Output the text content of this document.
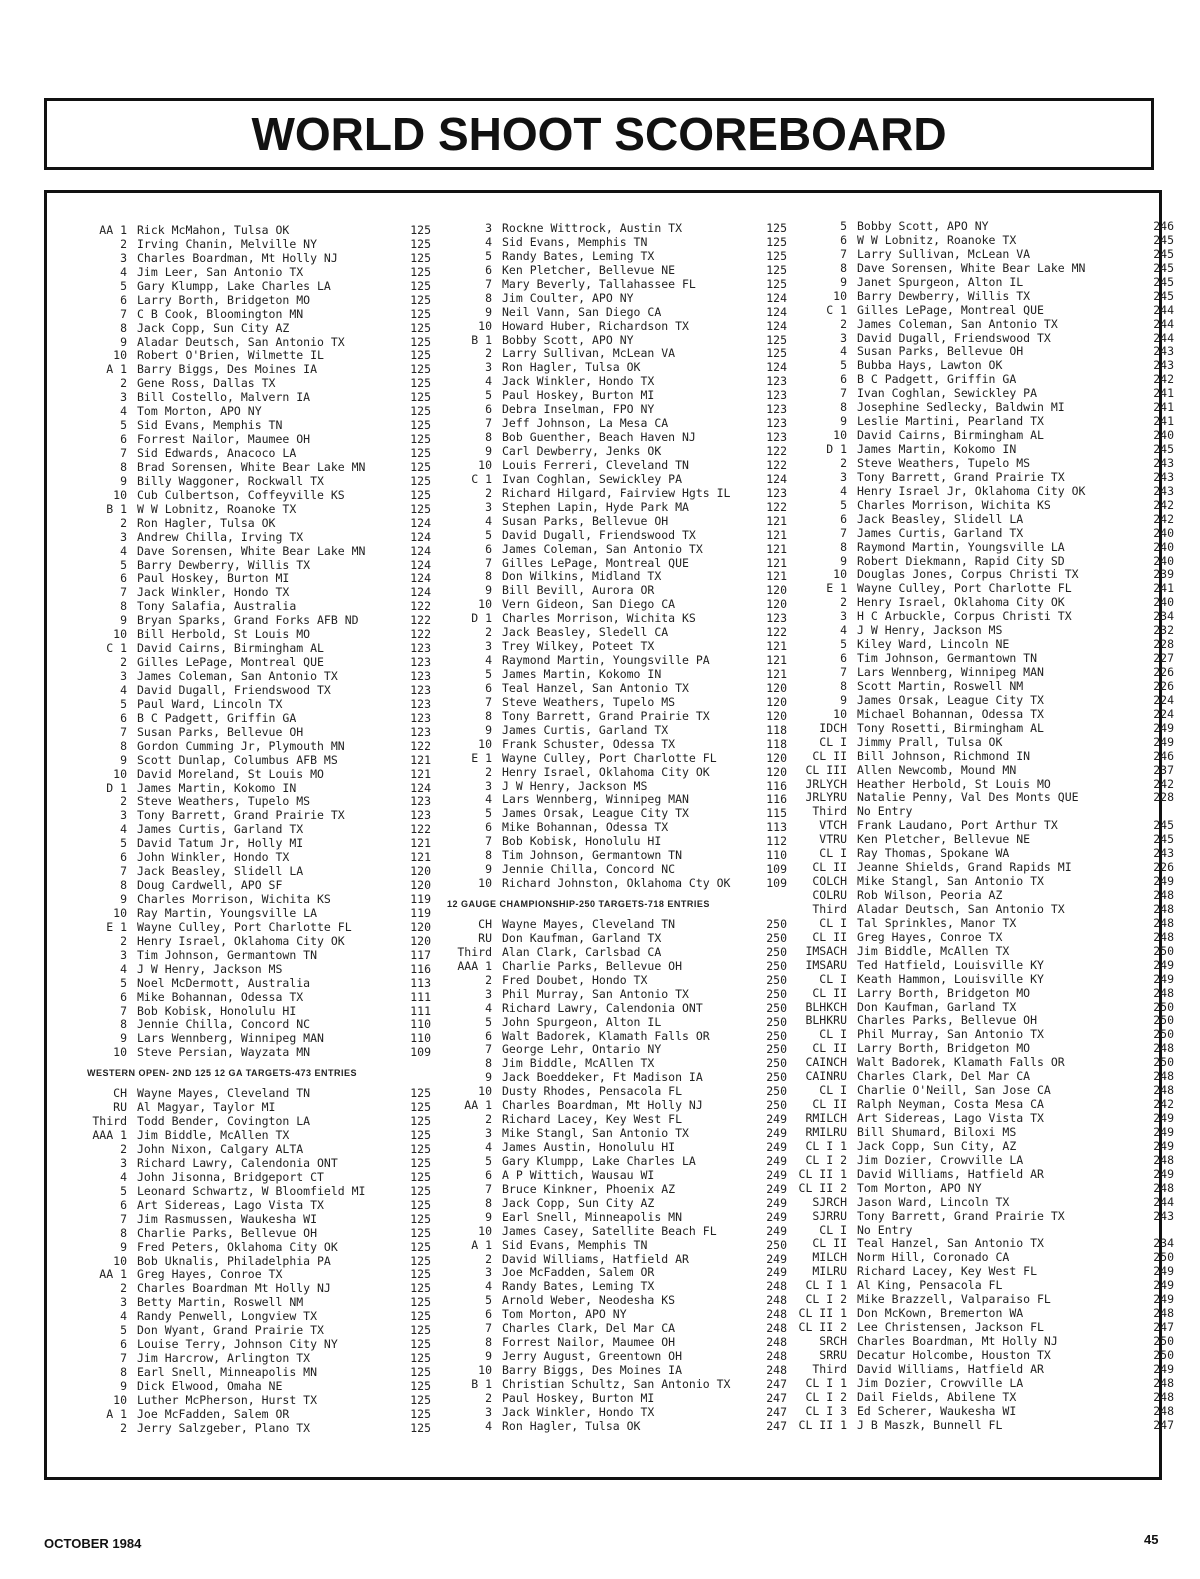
WORLD SHOOT SCOREBOARD
AA 1 Rick McMahon, Tulsa OK	125
2 Irving Chanin, Melville NY	125
3 Charles Boardman, Mt Holly NJ	125
4 Jim Leer, San Antonio TX	125
5 Gary Klumpp, Lake Charles LA	125
6 Larry Borth, Bridgeton MO	125
7 C B Cook, Bloomington MN	125
8 Jack Copp, Sun City AZ	125
9 Aladar Deutsch, San Antonio TX	125
10 Robert O'Brien, Wilmette IL	125
A 1 Barry Biggs, Des Moines IA	125
2 Gene Ross, Dallas TX	125
3 Bill Costello, Malvern IA	125
4 Tom Morton, APO NY	125
5 Sid Evans, Memphis TN	125
6 Forrest Nailor, Maumee OH	125
7 Sid Edwards, Anacoco LA	125
8 Brad Sorensen, White Bear Lake MN	125
9 Billy Waggoner, Rockwall TX	125
10 Cub Culbertson, Coffeyville KS	125
B 1 W W Lobnitz, Roanoke TX	125
2 Ron Hagler, Tulsa OK	124
3 Andrew Chilla, Irving TX	124
4 Dave Sorensen, White Bear Lake MN	124
5 Barry Dewberry, Willis TX	124
6 Paul Hoskey, Burton MI	124
7 Jack Winkler, Hondo TX	124
8 Tony Salafia, Australia	122
9 Bryan Sparks, Grand Forks AFB ND	122
10 Bill Herbold, St Louis MO	122
C 1 David Cairns, Birmingham AL	123
2 Gilles LePage, Montreal QUE	123
3 James Coleman, San Antonio TX	123
4 David Dugall, Friendswood TX	123
5 Paul Ward, Lincoln TX	123
6 B C Padgett, Griffin GA	123
7 Susan Parks, Bellevue OH	123
8 Gordon Cumming Jr, Plymouth MN	122
9 Scott Dunlap, Columbus AFB MS	121
10 David Moreland, St Louis MO	121
D 1 James Martin, Kokomo IN	124
2 Steve Weathers, Tupelo MS	123
3 Tony Barrett, Grand Prairie TX	123
4 James Curtis, Garland TX	122
5 David Tatum Jr, Holly MI	121
6 John Winkler, Hondo TX	121
7 Jack Beasley, Slidell LA	120
8 Doug Cardwell, APO SF	120
9 Charles Morrison, Wichita KS	119
10 Ray Martin, Youngsville LA	119
E 1 Wayne Culley, Port Charlotte FL	120
2 Henry Israel, Oklahoma City OK	120
3 Tim Johnson, Germantown TN	117
4 J W Henry, Jackson MS	116
5 Noel McDermott, Australia	113
6 Mike Bohannan, Odessa TX	111
7 Bob Kobisk, Honolulu HI	111
8 Jennie Chilla, Concord NC	110
9 Lars Wennberg, Winnipeg MAN	110
10 Steve Persian, Wayzata MN	109
WESTERN OPEN- 2ND 125 12 GA TARGETS-473 ENTRIES
CH Wayne Mayes, Cleveland TN	125
RU Al Magyar, Taylor MI	125
Third Todd Bender, Covington LA	125
AAA 1 Jim Biddle, McAllen TX	125
2 John Nixon, Calgary ALTA	125
3 Richard Lawry, Calendonia ONT	125
4 John Jisonna, Bridgeport CT	125
5 Leonard Schwartz, W Bloomfield MI	125
6 Art Sidereas, Lago Vista TX	125
7 Jim Rasmussen, Waukesha WI	125
8 Charlie Parks, Bellevue OH	125
9 Fred Peters, Oklahoma City OK	125
10 Bob Uknalis, Philadelphia PA	125
AA 1 Greg Hayes, Conroe TX	125
2 Charles Boardman Mt Holly NJ	125
3 Betty Martin, Roswell NM	125
4 Randy Penwell, Longview TX	125
5 Don Wyant, Grand Prairie TX	125
6 Louise Terry, Johnson City NY	125
7 Jim Harcrow, Arlington TX	125
8 Earl Snell, Minneapolis MN	125
9 Dick Elwood, Omaha NE	125
10 Luther McPherson, Hurst TX	125
A 1 Joe McFadden, Salem OR	125
2 Jerry Salzgeber, Plano TX	125
3 Rockne Wittrock, Austin TX	125
4 Sid Evans, Memphis TN	125
5 Randy Bates, Leming TX	125
6 Ken Pletcher, Bellevue NE	125
7 Mary Beverly, Tallahassee FL	125
8 Jim Coulter, APO NY	124
9 Neil Vann, San Diego CA	124
10 Howard Huber, Richardson TX	124
B 1 Bobby Scott, APO NY	125
2 Larry Sullivan, McLean VA	125
3 Ron Hagler, Tulsa OK	124
4 Jack Winkler, Hondo TX	123
5 Paul Hoskey, Burton MI	123
6 Debra Inselman, FPO NY	123
7 Jeff Johnson, La Mesa CA	123
8 Bob Guenther, Beach Haven NJ	123
9 Carl Dewberry, Jenks OK	122
10 Louis Ferreri, Cleveland TN	122
C 1 Ivan Coghlan, Sewickley PA	124
2 Richard Hilgard, Fairview Hgts IL	123
3 Stephen Lapin, Hyde Park MA	122
4 Susan Parks, Bellevue OH	121
5 David Dugall, Friendswood TX	121
6 James Coleman, San Antonio TX	121
7 Gilles LePage, Montreal QUE	121
8 Don Wilkins, Midland TX	121
9 Bill Bevill, Aurora OR	120
10 Vern Gideon, San Diego CA	120
D 1 Charles Morrison, Wichita KS	123
2 Jack Beasley, Sledell CA	122
3 Trey Wilkey, Poteet TX	121
4 Raymond Martin, Youngsville PA	121
5 James Martin, Kokomo IN	121
6 Teal Hanzel, San Antonio TX	120
7 Steve Weathers, Tupelo MS	120
8 Tony Barrett, Grand Prairie TX	120
9 James Curtis, Garland TX	118
10 Frank Schuster, Odessa TX	118
E 1 Wayne Culley, Port Charlotte FL	120
2 Henry Israel, Oklahoma City OK	120
3 J W Henry, Jackson MS	116
4 Lars Wennberg, Winnipeg MAN	116
5 James Orsak, League City TX	115
6 Mike Bohannan, Odessa TX	113
7 Bob Kobisk, Honolulu HI	112
8 Tim Johnson, Germantown TN	110
9 Jennie Chilla, Concord NC	109
10 Richard Johnston, Oklahoma Cty OK	109
12 GAUGE CHAMPIONSHIP-250 TARGETS-718 ENTRIES
CH Wayne Mayes, Cleveland TN	250
RU Don Kaufman, Garland TX	250
Third Alan Clark, Carlsbad CA	250
AAA 1 Charlie Parks, Bellevue OH	250
2 Fred Doubet, Hondo TX	250
3 Phil Murray, San Antonio TX	250
4 Richard Lawry, Calendonia ONT	250
5 John Spurgeon, Alton IL	250
6 Walt Badorek, Klamath Falls OR	250
7 George Lehr, Ontario NY	250
8 Jim Biddle, McAllen TX	250
9 Jack Boeddeker, Ft Madison IA	250
10 Dusty Rhodes, Pensacola FL	250
AA 1 Charles Boardman, Mt Holly NJ	250
2 Richard Lacey, Key West FL	249
3 Mike Stangl, San Antonio TX	249
4 James Austin, Honolulu HI	249
5 Gary Klumpp, Lake Charles LA	249
6 A P Wittich, Wausau WI	249
7 Bruce Kinkner, Phoenix AZ	249
8 Jack Copp, Sun City AZ	249
9 Earl Snell, Minneapolis MN	249
10 James Casey, Satellite Beach FL	249
A 1 Sid Evans, Memphis TN	250
2 David Williams, Hatfield AR	249
3 Joe McFadden, Salem OR	249
4 Randy Bates, Leming TX	248
5 Arnold Weber, Neodesha KS	248
6 Tom Morton, APO NY	248
7 Charles Clark, Del Mar CA	248
8 Forrest Nailor, Maumee OH	248
9 Jerry August, Greentown OH	248
10 Barry Biggs, Des Moines IA	248
B 1 Christian Schultz, San Antonio TX	247
2 Paul Hoskey, Burton MI	247
3 Jack Winkler, Hondo TX	247
4 Ron Hagler, Tulsa OK	247
5 Bobby Scott, APO NY	246
6 W W Lobnitz, Roanoke TX	245
7 Larry Sullivan, McLean VA	245
8 Dave Sorensen, White Bear Lake MN	245
9 Janet Spurgeon, Alton IL	245
10 Barry Dewberry, Willis TX	245
C 1 Gilles LePage, Montreal QUE	244
2 James Coleman, San Antonio TX	244
3 David Dugall, Friendswood TX	244
4 Susan Parks, Bellevue OH	243
5 Bubba Hays, Lawton OK	243
6 B C Padgett, Griffin GA	242
7 Ivan Coghlan, Sewickley PA	241
8 Josephine Sedlecky, Baldwin MI	241
9 Leslie Martini, Pearland TX	241
10 David Cairns, Birmingham AL	240
D 1 James Martin, Kokomo IN	245
2 Steve Weathers, Tupelo MS	243
3 Tony Barrett, Grand Prairie TX	243
4 Henry Israel Jr, Oklahoma City OK	243
5 Charles Morrison, Wichita KS	242
6 Jack Beasley, Slidell LA	242
7 James Curtis, Garland TX	240
8 Raymond Martin, Youngsville LA	240
9 Robert Diekmann, Rapid City SD	240
10 Douglas Jones, Corpus Christi TX	239
E 1 Wayne Culley, Port Charlotte FL	241
2 Henry Israel, Oklahoma City OK	240
3 H C Arbuckle, Corpus Christi TX	234
4 J W Henry, Jackson MS	232
5 Kiley Ward, Lincoln NE	228
6 Tim Johnson, Germantown TN	227
7 Lars Wennberg, Winnipeg MAN	226
8 Scott Martin, Roswell NM	226
9 James Orsak, League City TX	224
10 Michael Bohannan, Odessa TX	224
IDCH Tony Rosetti, Birmingham AL	249
CL I Jimmy Prall, Tulsa OK	249
CL II Bill Johnson, Richmond IN	246
CL III Allen Newcomb, Mound MN	237
JRLYCH Heather Herbold, St Louis MO	242
JRLYRU Natalie Penny, Val Des Monts QUE	228
Third No Entry
VTCH Frank Laudano, Port Arthur TX	245
VTRU Ken Pletcher, Bellevue NE	245
CL I Ray Thomas, Spokane WA	243
CL II Jeanne Shields, Grand Rapids MI	226
COLCH Mike Stangl, San Antonio TX	249
COLRU Rob Wilson, Peoria AZ	248
Third Aladar Deutsch, San Antonio TX	248
CL I Tal Sprinkles, Manor TX	248
CL II Greg Hayes, Conroe TX	248
IMSACH Jim Biddle, McAllen TX	250
IMSARU Ted Hatfield, Louisville KY	249
CL I Keath Hammon, Louisville KY	249
CL II Larry Borth, Bridgeton MO	248
BLHKCH Don Kaufman, Garland TX	250
BLHKRU Charles Parks, Bellevue OH	250
CL I Phil Murray, San Antonio TX	250
CL II Larry Borth, Bridgeton MO	248
CAINCH Walt Badorek, Klamath Falls OR	250
CAINRU Charles Clark, Del Mar CA	248
CL I Charlie O'Neill, San Jose CA	248
CL II Ralph Neyman, Costa Mesa CA	242
RMILCH Art Sidereas, Lago Vista TX	249
RMILRU Bill Shumard, Biloxi MS	249
CL I 1 Jack Copp, Sun City, AZ	249
CL I 2 Jim Dozier, Crowville LA	248
CL II 1 David Williams, Hatfield AR	249
CL II 2 Tom Morton, APO NY	248
SJRCH Jason Ward, Lincoln TX	244
SJRRU Tony Barrett, Grand Prairie TX	243
CL I No Entry
CL II Teal Hanzel, San Antonio TX	234
MILCH Norm Hill, Coronado CA	250
MILRU Richard Lacey, Key West FL	249
CL I 1 Al King, Pensacola FL	249
CL I 2 Mike Brazzell, Valparaiso FL	249
CL II 1 Don McKown, Bremerton WA	248
CL II 2 Lee Christensen, Jackson FL	247
SRCH Charles Boardman, Mt Holly NJ	250
SRRU Decatur Holcombe, Houston TX	250
Third David Williams, Hatfield AR	249
CL I 1 Jim Dozier, Crowville LA	248
CL I 2 Dail Fields, Abilene TX	248
CL I 3 Ed Scherer, Waukesha WI	248
CL II 1 J B Maszk, Bunnell FL	247
OCTOBER 1984	45
